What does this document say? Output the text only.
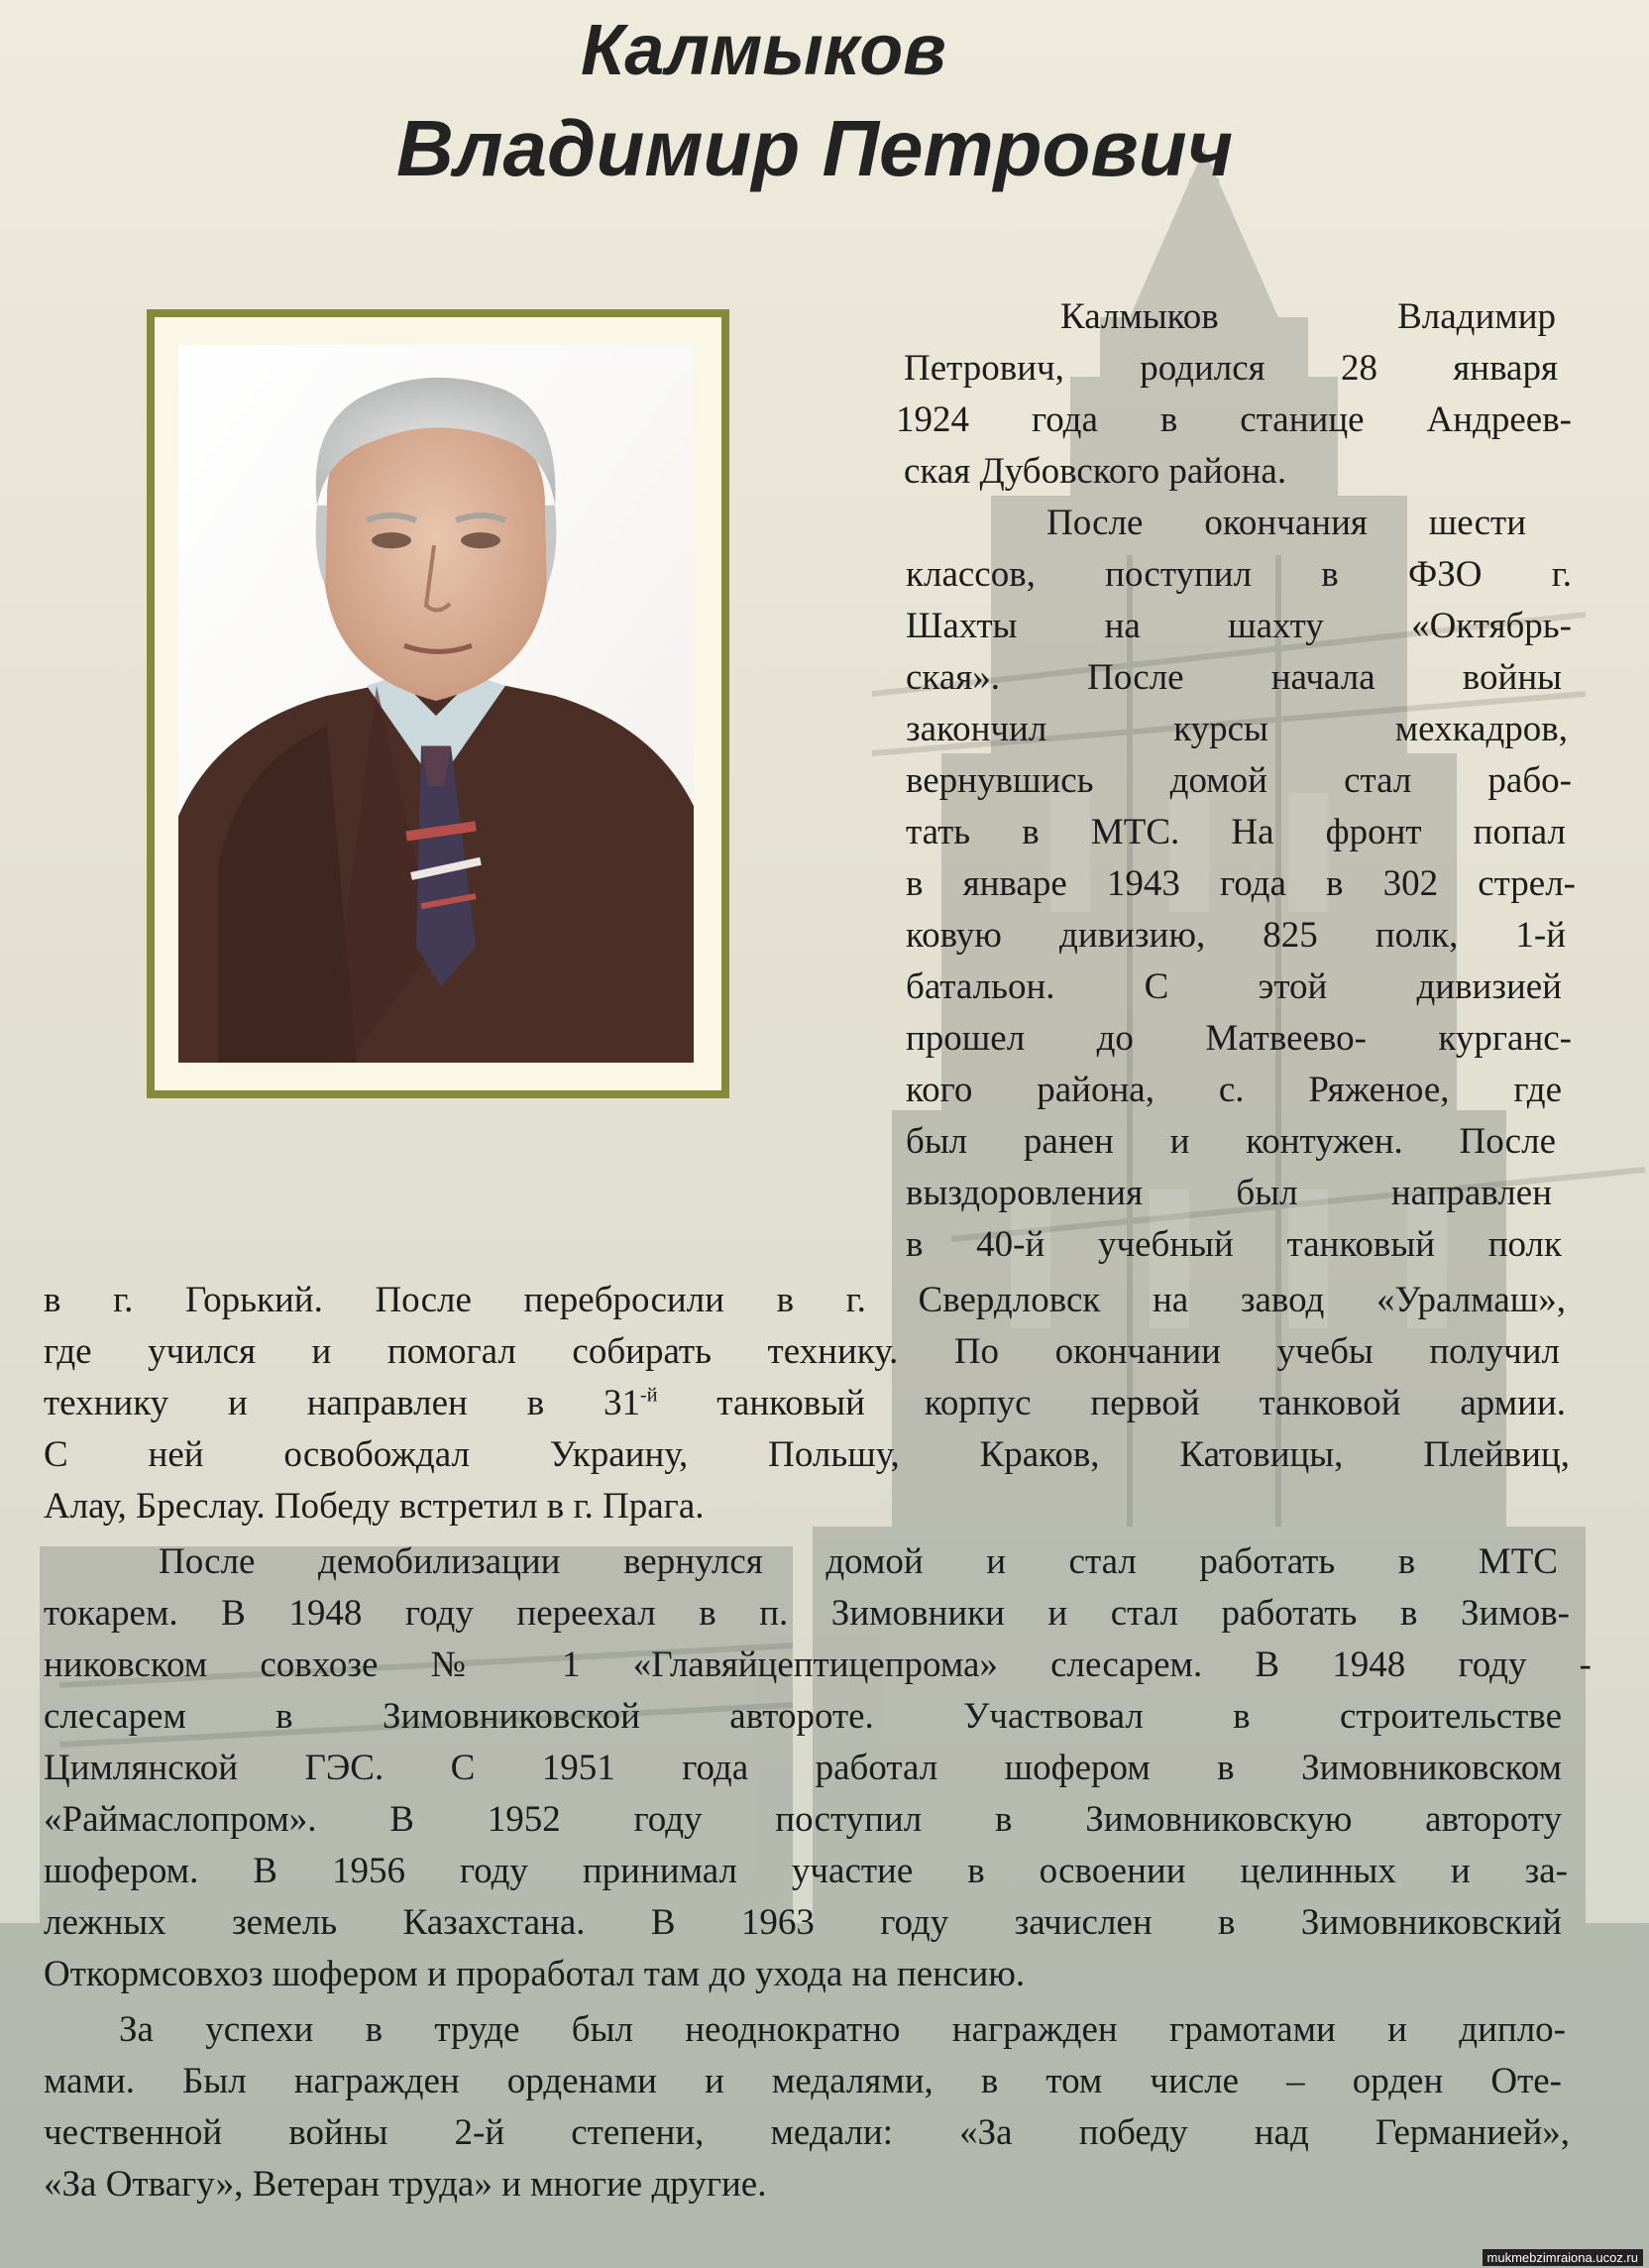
Калмыков
Владимир Петрович

Калмыков Владимир

Петрович, родился 28 января

1924 года в станице Андреев-

ская Дубовского района.

После окончания шести

классов, поступил в ФЗО г.

Шахты на шахту «Октябрь-

ская». После начала войны

закончил курсы мехкадров,

вернувшись домой стал рабо-

тать в МТС. На фронт попал

в январе 1943 года в 302 стрел-

ковую дивизию, 825 полк, 1-й

батальон. С этой дивизией

прошел до Матвеево- курганс-

кого района, с. Ряженое, где

был ранен и контужен. После

выздоровления был направлен

в 40-й учебный танковый полк

в г. Горький. После перебросили в г. Свердловск на завод «Уралмаш»,

где учился и помогал собирать технику. По окончании учебы получил

технику и направлен в $31^{-й}$ танковый корпус первой танковой армии.

С ней освобождал Украину, Польшу, Краков, Катовицы, Плейвиц,

Алау, Бреслау. Победу встретил в г. Прага.

После демобилизации вернулся домой и стал работать в МТС

токарем. В 1948 году переехал в п. Зимовники и стал работать в Зимов-

никовском совхозе № 1 «Главяйцептицепрома» слесарем. В 1948 году -

слесарем в Зимовниковской автороте. Участвовал в строительстве

Цимлянской ГЭС. С 1951 года работал шофером в Зимовниковском

«Раймаслопром». В 1952 году поступил в Зимовниковскую автороту

шофером. В 1956 году принимал участие в освоении целинных и за-

лежных земель Казахстана. В 1963 году зачислен в Зимовниковский

Откормсовхоз шофером и проработал там до ухода на пенсию.

За успехи в труде был неоднократно награжден грамотами и дипло-

мами. Был награжден орденами и медалями, в том числе – орден Оте-

чественной войны 2-й степени, медали: «За победу над Германией»,

«За Отвагу», Ветеран труда» и многие другие.

mukmebzimraiona.ucoz.ru
